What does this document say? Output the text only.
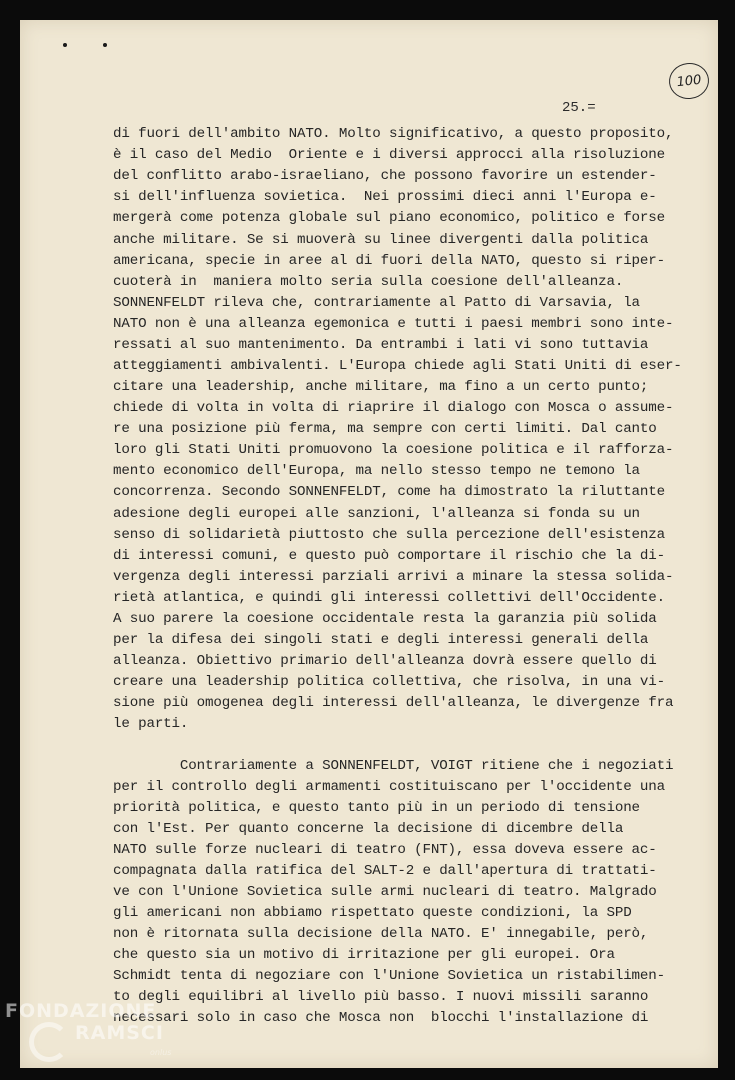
100
25.=
di fuori dell'ambito NATO. Molto significativo, a questo proposito,
è il caso del Medio  Oriente e i diversi approcci alla risoluzione
del conflitto arabo-israeliano, che possono favorire un estender-
si dell'influenza sovietica.  Nei prossimi dieci anni l'Europa e-
mergerà come potenza globale sul piano economico, politico e forse
anche militare. Se si muoverà su linee divergenti dalla politica
americana, specie in aree al di fuori della NATO, questo si riper-
cuoterà in  maniera molto seria sulla coesione dell'alleanza.
SONNENFELDT rileva che, contrariamente al Patto di Varsavia, la
NATO non è una alleanza egemonica e tutti i paesi membri sono inte-
ressati al suo mantenimento. Da entrambi i lati vi sono tuttavia
atteggiamenti ambivalenti. L'Europa chiede agli Stati Uniti di eser-
citare una leadership, anche militare, ma fino a un certo punto;
chiede di volta in volta di riaprire il dialogo con Mosca o assume-
re una posizione più ferma, ma sempre con certi limiti. Dal canto
loro gli Stati Uniti promuovono la coesione politica e il rafforza-
mento economico dell'Europa, ma nello stesso tempo ne temono la
concorrenza. Secondo SONNENFELDT, come ha dimostrato la riluttante
adesione degli europei alle sanzioni, l'alleanza si fonda su un
senso di solidarietà piuttosto che sulla percezione dell'esistenza
di interessi comuni, e questo può comportare il rischio che la di-
vergenza degli interessi parziali arrivi a minare la stessa solida-
rietà atlantica, e quindi gli interessi collettivi dell'Occidente.
A suo parere la coesione occidentale resta la garanzia più solida
per la difesa dei singoli stati e degli interessi generali della
alleanza. Obiettivo primario dell'alleanza dovrà essere quello di
creare una leadership politica collettiva, che risolva, in una vi-
sione più omogenea degli interessi dell'alleanza, le divergenze fra
le parti.
Contrariamente a SONNENFELDT, VOIGT ritiene che i negoziati
per il controllo degli armamenti costituiscano per l'occidente una
priorità politica, e questo tanto più in un periodo di tensione
con l'Est. Per quanto concerne la decisione di dicembre della
NATO sulle forze nucleari di teatro (FNT), essa doveva essere ac-
compagnata dalla ratifica del SALT-2 e dall'apertura di trattati-
ve con l'Unione Sovietica sulle armi nucleari di teatro. Malgrado
gli americani non abbiamo rispettato queste condizioni, la SPD
non è ritornata sulla decisione della NATO. E' innegabile, però,
che questo sia un motivo di irritazione per gli europei. Ora
Schmidt tenta di negoziare con l'Unione Sovietica un ristabilimen-
to degli equilibri al livello più basso. I nuovi missili saranno
necessari solo in caso che Mosca non  blocchi l'installazione di
FONDAZIONE
RAMSCI
onlus
